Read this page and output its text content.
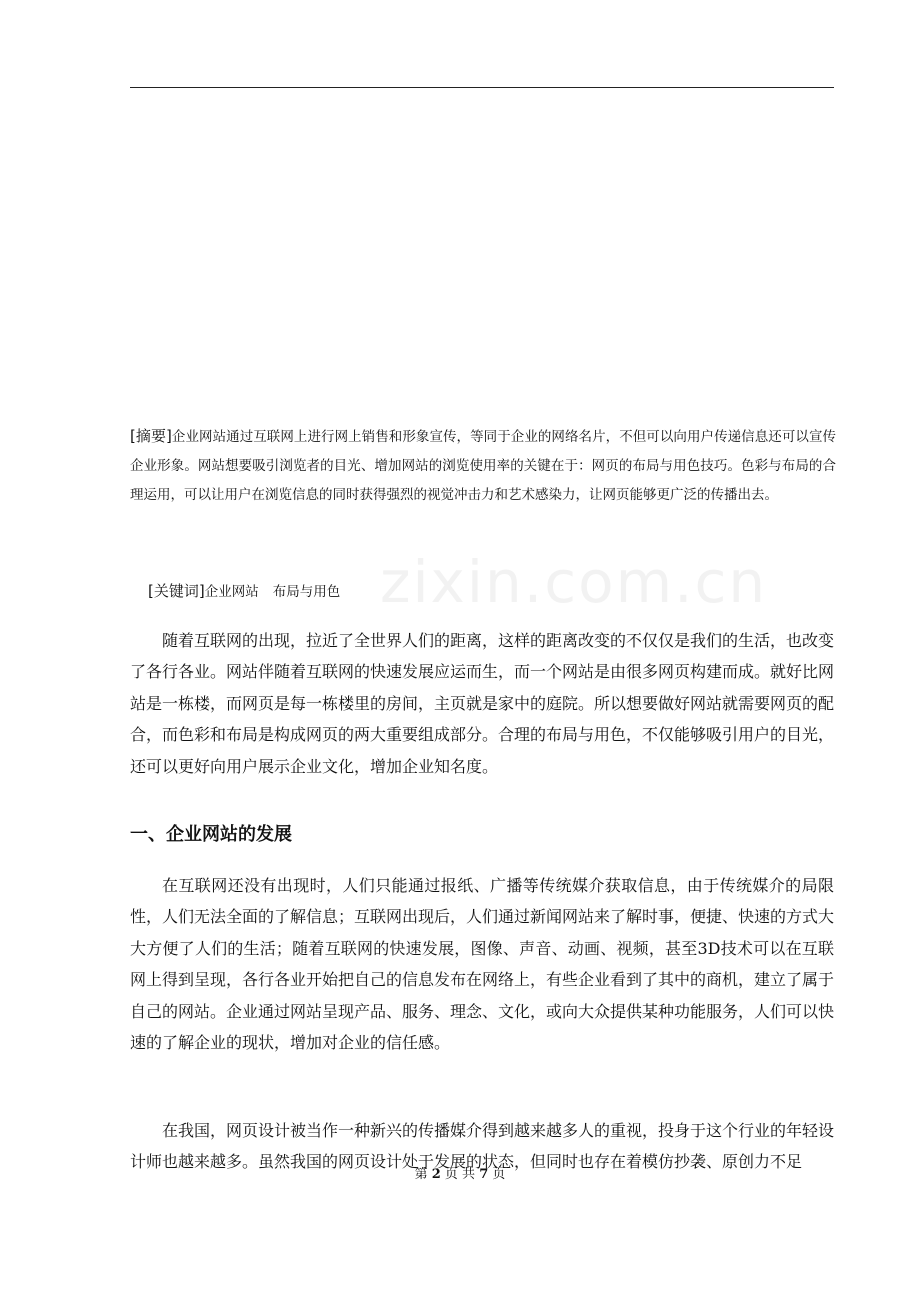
zixin.com.cn
[摘要]企业网站通过互联网上进行网上销售和形象宣传，等同于企业的网络名片，不但可以向用户传递信息还可以宣传企业形象。网站想要吸引浏览者的目光、增加网站的浏览使用率的关键在于：网页的布局与用色技巧。色彩与布局的合理运用，可以让用户在浏览信息的同时获得强烈的视觉冲击力和艺术感染力，让网页能够更广泛的传播出去。
[关键词]企业网站 布局与用色
随着互联网的出现，拉近了全世界人们的距离，这样的距离改变的不仅仅是我们的生活，也改变了各行各业。网站伴随着互联网的快速发展应运而生，而一个网站是由很多网页构建而成。就好比网站是一栋楼，而网页是每一栋楼里的房间，主页就是家中的庭院。所以想要做好网站就需要网页的配合，而色彩和布局是构成网页的两大重要组成部分。合理的布局与用色，不仅能够吸引用户的目光，还可以更好向用户展示企业文化，增加企业知名度。
一、企业网站的发展
在互联网还没有出现时，人们只能通过报纸、广播等传统媒介获取信息，由于传统媒介的局限性，人们无法全面的了解信息；互联网出现后，人们通过新闻网站来了解时事，便捷、快速的方式大大方便了人们的生活；随着互联网的快速发展，图像、声音、动画、视频，甚至3D技术可以在互联网上得到呈现，各行各业开始把自己的信息发布在网络上，有些企业看到了其中的商机，建立了属于自己的网站。企业通过网站呈现产品、服务、理念、文化，或向大众提供某种功能服务，人们可以快速的了解企业的现状，增加对企业的信任感。
在我国，网页设计被当作一种新兴的传播媒介得到越来越多人的重视，投身于这个行业的年轻设计师也越来越多。虽然我国的网页设计处于发展的状态，但同时也存在着模仿抄袭、原创力不足
第 2 页 共 7 页
